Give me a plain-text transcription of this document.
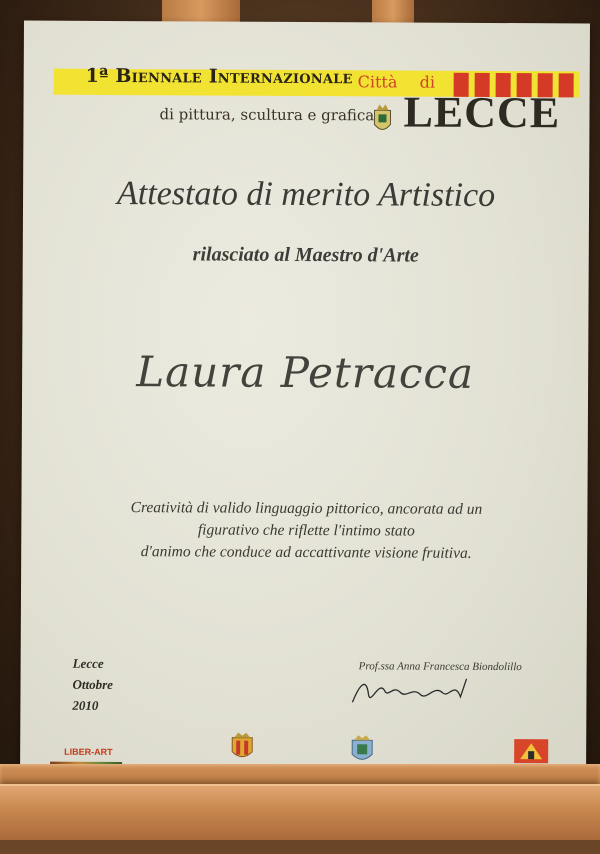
1ª Biennale Internazionale Città di
di pittura, scultura e grafica LECCE
Attestato di merito Artistico
rilasciato al Maestro d'Arte
Laura Petracca
Creatività di valido linguaggio pittorico, ancorata ad un
figurativo che riflette l'intimo stato
d'animo che conduce ad accattivante visione fruitiva.
Lecce
Ottobre
2010
Prof.ssa Anna Francesca Biondolillo
LIBER-ART
